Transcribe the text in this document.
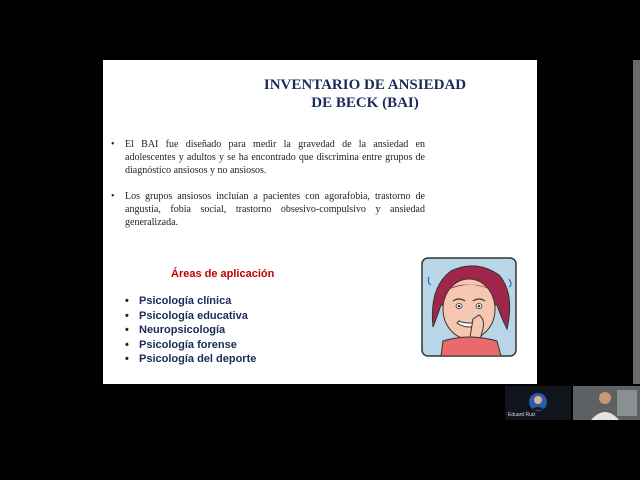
INVENTARIO DE ANSIEDAD
DE BECK (BAI)
• El BAI fue diseñado para medir la gravedad de la ansiedad en adolescentes y adultos y se ha encontrado que discrimina entre grupos de diagnóstico ansiosos y no ansiosos.
• Los grupos ansiosos incluían a pacientes con agorafobia, trastorno de angustia, fobia social, trastorno obsesivo-compulsivo y ansiedad generalizada.
Áreas de aplicación
• Psicología clínica
• Psicología educativa
• Neuropsicología
• Psicología forense
• Psicología del deporte
Eduard Ruiz
